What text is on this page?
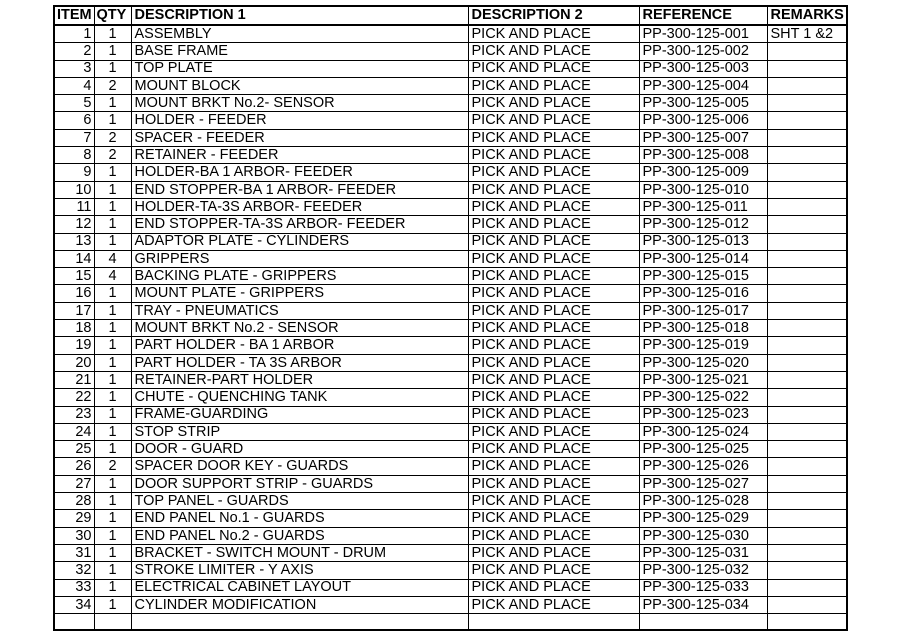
ITEM	QTY	DESCRIPTION 1	DESCRIPTION 2	REFERENCE	REMARKS
1	1	ASSEMBLY	PICK AND PLACE	PP-300-125-001	SHT 1 &2
2	1	BASE FRAME	PICK AND PLACE	PP-300-125-002	
3	1	TOP PLATE	PICK AND PLACE	PP-300-125-003	
4	2	MOUNT BLOCK	PICK AND PLACE	PP-300-125-004	
5	1	MOUNT BRKT No.2- SENSOR	PICK AND PLACE	PP-300-125-005	
6	1	HOLDER - FEEDER	PICK AND PLACE	PP-300-125-006	
7	2	SPACER - FEEDER	PICK AND PLACE	PP-300-125-007	
8	2	RETAINER - FEEDER	PICK AND PLACE	PP-300-125-008	
9	1	HOLDER-BA 1 ARBOR- FEEDER	PICK AND PLACE	PP-300-125-009	
10	1	END STOPPER-BA 1 ARBOR- FEEDER	PICK AND PLACE	PP-300-125-010	
11	1	HOLDER-TA-3S ARBOR- FEEDER	PICK AND PLACE	PP-300-125-011	
12	1	END STOPPER-TA-3S ARBOR- FEEDER	PICK AND PLACE	PP-300-125-012	
13	1	ADAPTOR PLATE - CYLINDERS	PICK AND PLACE	PP-300-125-013	
14	4	GRIPPERS	PICK AND PLACE	PP-300-125-014	
15	4	BACKING PLATE - GRIPPERS	PICK AND PLACE	PP-300-125-015	
16	1	MOUNT PLATE - GRIPPERS	PICK AND PLACE	PP-300-125-016	
17	1	TRAY - PNEUMATICS	PICK AND PLACE	PP-300-125-017	
18	1	MOUNT BRKT No.2 - SENSOR	PICK AND PLACE	PP-300-125-018	
19	1	PART HOLDER - BA 1 ARBOR	PICK AND PLACE	PP-300-125-019	
20	1	PART HOLDER - TA 3S ARBOR	PICK AND PLACE	PP-300-125-020	
21	1	RETAINER-PART HOLDER	PICK AND PLACE	PP-300-125-021	
22	1	CHUTE - QUENCHING TANK	PICK AND PLACE	PP-300-125-022	
23	1	FRAME-GUARDING	PICK AND PLACE	PP-300-125-023	
24	1	STOP STRIP	PICK AND PLACE	PP-300-125-024	
25	1	DOOR - GUARD	PICK AND PLACE	PP-300-125-025	
26	2	SPACER DOOR KEY - GUARDS	PICK AND PLACE	PP-300-125-026	
27	1	DOOR SUPPORT STRIP - GUARDS	PICK AND PLACE	PP-300-125-027	
28	1	TOP PANEL - GUARDS	PICK AND PLACE	PP-300-125-028	
29	1	END PANEL No.1 - GUARDS	PICK AND PLACE	PP-300-125-029	
30	1	END PANEL No.2 - GUARDS	PICK AND PLACE	PP-300-125-030	
31	1	BRACKET - SWITCH MOUNT - DRUM	PICK AND PLACE	PP-300-125-031	
32	1	STROKE LIMITER - Y AXIS	PICK AND PLACE	PP-300-125-032	
33	1	ELECTRICAL CABINET LAYOUT	PICK AND PLACE	PP-300-125-033	
34	1	CYLINDER MODIFICATION	PICK AND PLACE	PP-300-125-034	
